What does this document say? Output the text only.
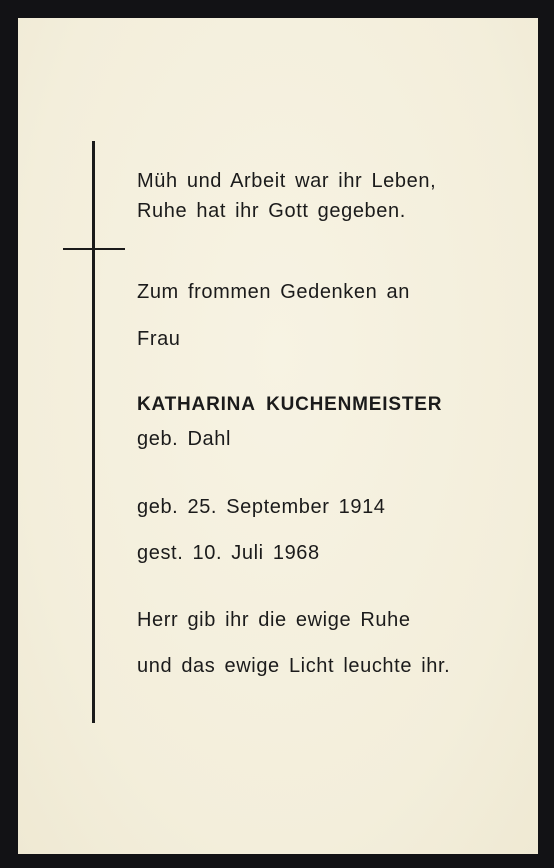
Müh und Arbeit war ihr Leben,
Ruhe hat ihr Gott gegeben.
Zum frommen Gedenken an
Frau
KATHARINA KUCHENMEISTER
geb. Dahl
geb. 25. September 1914
gest. 10. Juli 1968
Herr gib ihr die ewige Ruhe
und das ewige Licht leuchte ihr.
